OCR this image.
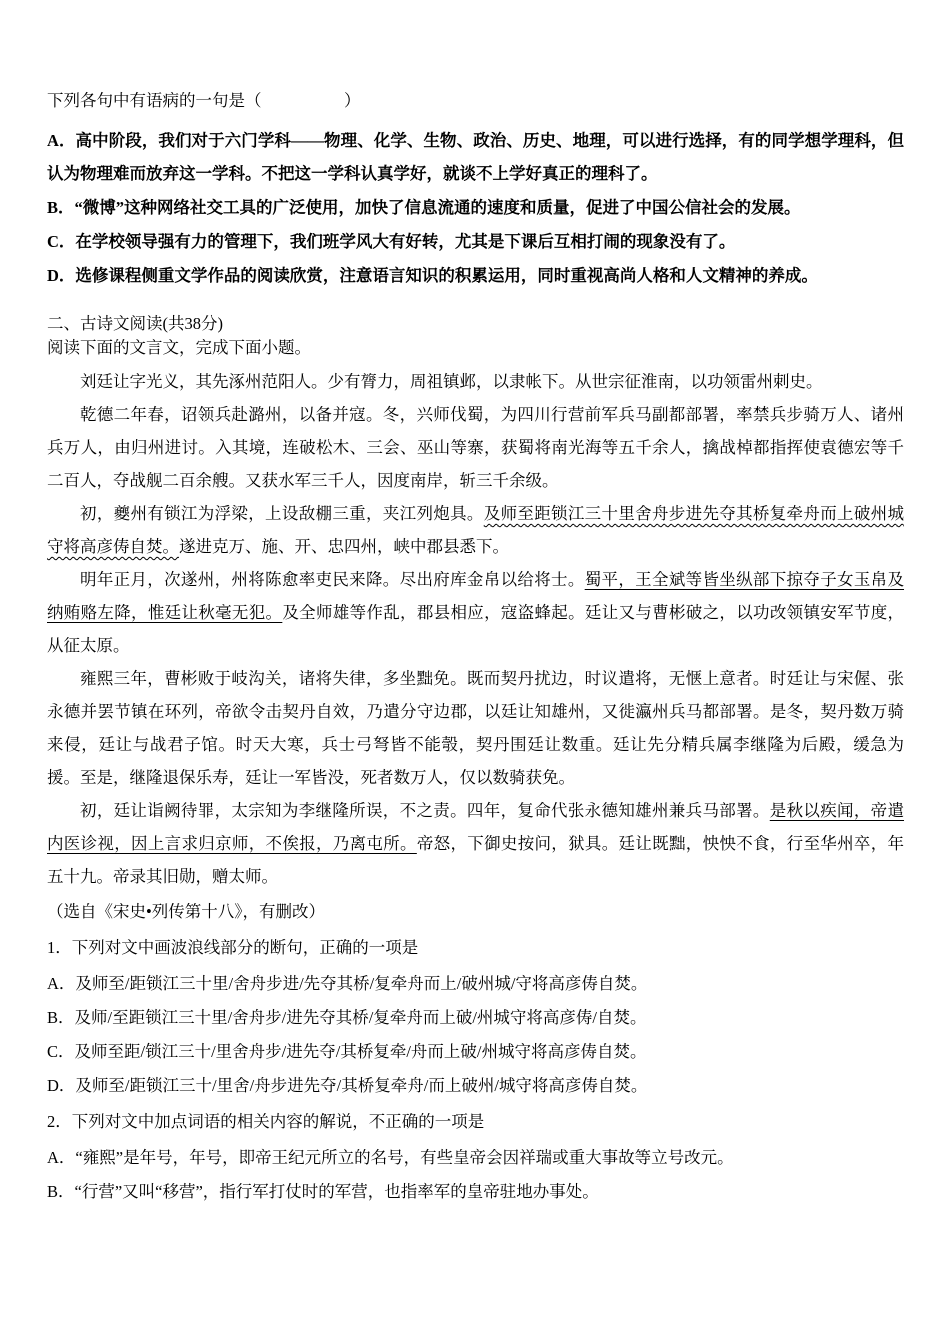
下列各句中有语病的一句是（　　　　　）

A．高中阶段，我们对于六门学科——物理、化学、生物、政治、历史、地理，可以进行选择，有的同学想学理科，但认为物理难而放弃这一学科。不把这一学科认真学好，就谈不上学好真正的理科了。

B．“微博”这种网络社交工具的广泛使用，加快了信息流通的速度和质量，促进了中国公信社会的发展。

C．在学校领导强有力的管理下，我们班学风大有好转，尤其是下课后互相打闹的现象没有了。

D．选修课程侧重文学作品的阅读欣赏，注意语言知识的积累运用，同时重视高尚人格和人文精神的养成。

二、古诗文阅读(共38分)

阅读下面的文言文，完成下面小题。

刘廷让字光义，其先涿州范阳人。少有膂力，周祖镇邺，以隶帐下。从世宗征淮南，以功领雷州刺史。

乾德二年春，诏领兵赴潞州，以备并寇。冬，兴师伐蜀，为四川行营前军兵马副都部署，率禁兵步骑万人、诸州兵万人，由归州进讨。入其境，连破松木、三会、巫山等寨，获蜀将南光海等五千余人，擒战棹都指挥使袁德宏等千二百人，夺战舰二百余艘。又获水军三千人，因度南岸，斩三千余级。

初，夔州有锁江为浮梁，上设敌棚三重，夹江列炮具。及师至距锁江三十里舍舟步进先夺其桥复牵舟而上破州城守将高彦俦自焚。遂进克万、施、开、忠四州，峡中郡县悉下。

明年正月，次遂州，州将陈愈率吏民来降。尽出府库金帛以给将士。蜀平，王全斌等皆坐纵部下掠夺子女玉帛及纳贿赂左降，惟廷让秋毫无犯。及全师雄等作乱，郡县相应，寇盗蜂起。廷让又与曹彬破之，以功改领镇安军节度，从征太原。

雍熙三年，曹彬败于岐沟关，诸将失律，多坐黜免。既而契丹扰边，时议遣将，无惬上意者。时廷让与宋偓、张永德并罢节镇在环列，帝欲令击契丹自效，乃遣分守边郡，以廷让知雄州，又徙瀛州兵马都部署。是冬，契丹数万骑来侵，廷让与战君子馆。时天大寒，兵士弓弩皆不能彀，契丹围廷让数重。廷让先分精兵属李继隆为后殿，缓急为援。至是，继隆退保乐寿，廷让一军皆没，死者数万人，仅以数骑获免。

初，廷让诣阙待罪，太宗知为李继隆所误，不之责。四年，复命代张永德知雄州兼兵马部署。是秋以疾闻，帝遣内医诊视，因上言求归京师，不俟报，乃离屯所。帝怒，下御史按问，狱具。廷让既黜，怏怏不食，行至华州卒，年五十九。帝录其旧勋，赠太师。

（选自《宋史•列传第十八》，有删改）

1．下列对文中画波浪线部分的断句，正确的一项是

A．及师至/距锁江三十里/舍舟步进/先夺其桥/复牵舟而上/破州城/守将高彦俦自焚。

B．及师/至距锁江三十里/舍舟步/进先夺其桥/复牵舟而上破/州城守将高彦俦/自焚。

C．及师至距/锁江三十/里舍舟步/进先夺/其桥复牵/舟而上破/州城守将高彦俦自焚。

D．及师至/距锁江三十/里舍/舟步进先夺/其桥复牵舟/而上破州/城守将高彦俦自焚。

2．下列对文中加点词语的相关内容的解说，不正确的一项是

A．“雍熙”是年号，年号，即帝王纪元所立的名号，有些皇帝会因祥瑞或重大事故等立号改元。

B．“行营”又叫“移营”，指行军打仗时的军营，也指率军的皇帝驻地办事处。
